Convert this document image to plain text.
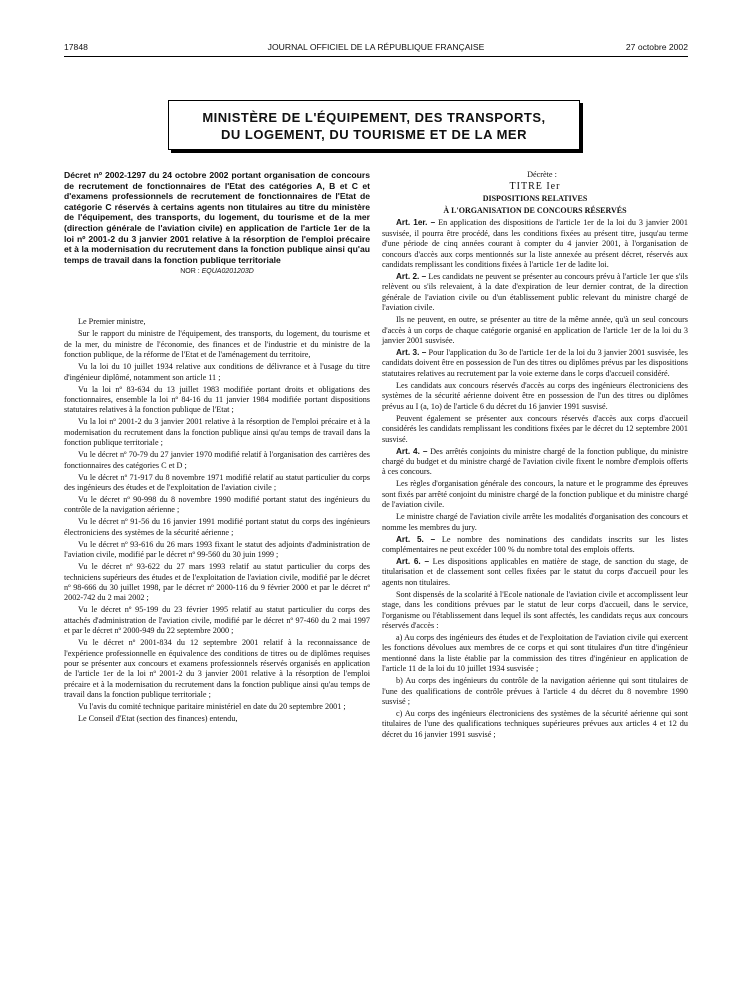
17848	JOURNAL OFFICIEL DE LA RÉPUBLIQUE FRANÇAISE	27 octobre 2002
MINISTÈRE DE L'ÉQUIPEMENT, DES TRANSPORTS,
DU LOGEMENT, DU TOURISME ET DE LA MER

Décret nº 2002-1297 du 24 octobre 2002 portant organisation de concours de recrutement de fonctionnaires de l'Etat des catégories A, B et C et d'examens professionnels de recrutement de fonctionnaires de l'Etat de catégorie C réservés à certains agents non titulaires au titre du ministère de l'équipement, des transports, du logement, du tourisme et de la mer (direction générale de l'aviation civile) en application de l'article 1er de la loi nº 2001-2 du 3 janvier 2001 relative à la résorption de l'emploi précaire et à la modernisation du recrutement dans la fonction publique ainsi qu'au temps de travail dans la fonction publique territoriale

NOR : EQUA0201203D

Le Premier ministre,

Sur le rapport du ministre de l'équipement, des transports, du logement, du tourisme et de la mer, du ministre de l'économie, des finances et de l'industrie et du ministre de la fonction publique, de la réforme de l'Etat et de l'aménagement du territoire,

Vu la loi du 10 juillet 1934 relative aux conditions de délivrance et à l'usage du titre d'ingénieur diplômé, notamment son article 11 ;

Vu la loi nº 83-634 du 13 juillet 1983 modifiée portant droits et obligations des fonctionnaires, ensemble la loi nº 84-16 du 11 janvier 1984 modifiée portant dispositions statutaires relatives à la fonction publique de l'Etat ;

Vu la loi nº 2001-2 du 3 janvier 2001 relative à la résorption de l'emploi précaire et à la modernisation du recrutement dans la fonction publique ainsi qu'au temps de travail dans la fonction publique territoriale ;

Vu le décret nº 70-79 du 27 janvier 1970 modifié relatif à l'organisation des carrières des fonctionnaires des catégories C et D ;

Vu le décret nº 71-917 du 8 novembre 1971 modifié relatif au statut particulier du corps des ingénieurs des études et de l'exploitation de l'aviation civile ;

Vu le décret nº 90-998 du 8 novembre 1990 modifié portant statut des ingénieurs du contrôle de la navigation aérienne ;

Vu le décret nº 91-56 du 16 janvier 1991 modifié portant statut du corps des ingénieurs électroniciens des systèmes de la sécurité aérienne ;

Vu le décret nº 93-616 du 26 mars 1993 fixant le statut des adjoints d'administration de l'aviation civile, modifié par le décret nº 99-560 du 30 juin 1999 ;

Vu le décret nº 93-622 du 27 mars 1993 relatif au statut particulier du corps des techniciens supérieurs des études et de l'exploitation de l'aviation civile, modifié par le décret nº 98-666 du 30 juillet 1998, par le décret nº 2000-116 du 9 février 2000 et par le décret nº 2002-742 du 2 mai 2002 ;

Vu le décret nº 95-199 du 23 février 1995 relatif au statut particulier du corps des attachés d'administration de l'aviation civile, modifié par le décret nº 97-460 du 2 mai 1997 et par le décret nº 2000-949 du 22 septembre 2000 ;

Vu le décret nº 2001-834 du 12 septembre 2001 relatif à la reconnaissance de l'expérience professionnelle en équivalence des conditions de titres ou de diplômes requises pour se présenter aux concours et examens professionnels réservés organisés en application de l'article 1er de la loi nº 2001-2 du 3 janvier 2001 relative à la résorption de l'emploi précaire et à la modernisation du recrutement dans la fonction publique ainsi qu'au temps de travail dans la fonction publique territoriale ;

Vu l'avis du comité technique paritaire ministériel en date du 20 septembre 2001 ;

Le Conseil d'Etat (section des finances) entendu,

Décrète :

TITRE Ier
DISPOSITIONS RELATIVES
À L'ORGANISATION DE CONCOURS RÉSERVÉS

Art. 1er. – En application des dispositions de l'article 1er de la loi du 3 janvier 2001 susvisée, il pourra être procédé, dans les conditions fixées au présent titre, jusqu'au terme d'une période de cinq années courant à compter du 4 janvier 2001, à l'organisation de concours d'accès aux corps mentionnés sur la liste annexée au présent décret, réservés aux candidats remplissant les conditions fixées à l'article 1er de ladite loi.

Art. 2. – Les candidats ne peuvent se présenter au concours prévu à l'article 1er que s'ils relèvent ou s'ils relevaient, à la date d'expiration de leur dernier contrat, de la direction générale de l'aviation civile ou d'un établissement public relevant du ministre chargé de l'aviation civile.

Ils ne peuvent, en outre, se présenter au titre de la même année, qu'à un seul concours d'accès à un corps de chaque catégorie organisé en application de l'article 1er de la loi du 3 janvier 2001 susvisée.

Art. 3. – Pour l'application du 3o de l'article 1er de la loi du 3 janvier 2001 susvisée, les candidats doivent être en possession de l'un des titres ou diplômes prévus par les dispositions statutaires relatives au recrutement par la voie externe dans le corps d'accueil considéré.

Les candidats aux concours réservés d'accès au corps des ingénieurs électroniciens des systèmes de la sécurité aérienne doivent être en possession de l'un des titres ou diplômes prévus au I (a, 1o) de l'article 6 du décret du 16 janvier 1991 susvisé.

Peuvent également se présenter aux concours réservés d'accès aux corps d'accueil considérés les candidats remplissant les conditions fixées par le décret du 12 septembre 2001 susvisé.

Art. 4. – Des arrêtés conjoints du ministre chargé de la fonction publique, du ministre chargé du budget et du ministre chargé de l'aviation civile fixent le nombre d'emplois offerts à ces concours.

Les règles d'organisation générale des concours, la nature et le programme des épreuves sont fixés par arrêté conjoint du ministre chargé de la fonction publique et du ministre chargé de l'aviation civile.

Le ministre chargé de l'aviation civile arrête les modalités d'organisation des concours et nomme les membres du jury.

Art. 5. – Le nombre des nominations des candidats inscrits sur les listes complémentaires ne peut excéder 100 % du nombre total des emplois offerts.

Art. 6. – Les dispositions applicables en matière de stage, de sanction du stage, de titularisation et de classement sont celles fixées par le statut du corps d'accueil pour les agents non titulaires.

Sont dispensés de la scolarité à l'Ecole nationale de l'aviation civile et accomplissent leur stage, dans les conditions prévues par le statut de leur corps d'accueil, dans le service, l'organisme ou l'établissement dans lequel ils sont affectés, les candidats reçus aux concours réservés d'accès :

a) Au corps des ingénieurs des études et de l'exploitation de l'aviation civile qui exercent les fonctions dévolues aux membres de ce corps et qui sont titulaires d'un titre d'ingénieur mentionné dans la liste établie par la commission des titres d'ingénieur en application de l'article 11 de la loi du 10 juillet 1934 susvisée ;

b) Au corps des ingénieurs du contrôle de la navigation aérienne qui sont titulaires de l'une des qualifications de contrôle prévues à l'article 4 du décret du 8 novembre 1990 susvisé ;

c) Au corps des ingénieurs électroniciens des systèmes de la sécurité aérienne qui sont titulaires de l'une des qualifications techniques supérieures prévues aux articles 4 et 12 du décret du 16 janvier 1991 susvisé ;
